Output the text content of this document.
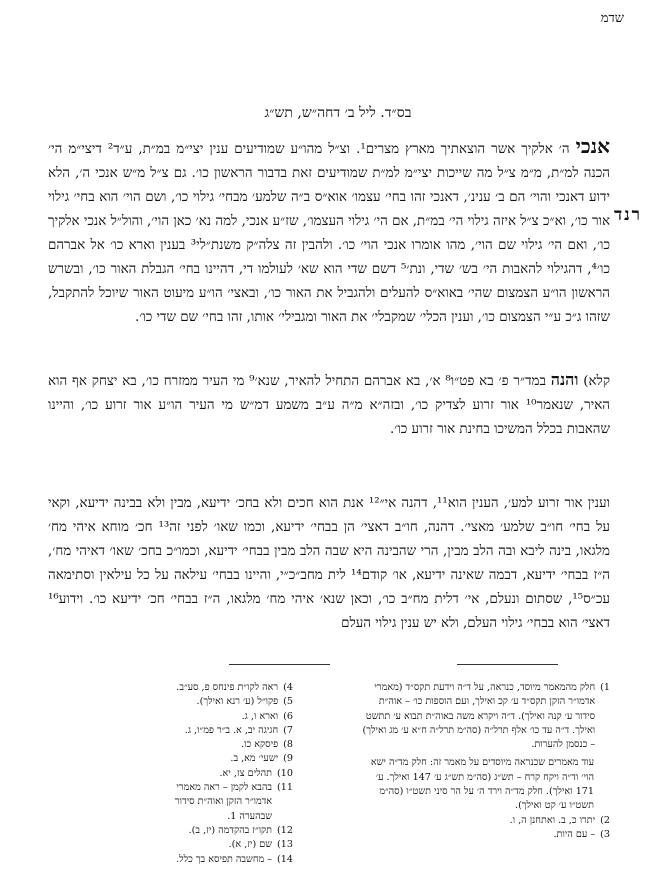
שדמ
בס״ד. ליל ב׳ דחה״ש, תש״ג
רנד

אנכי ה׳ אלקיך אשר הוצאתיך מארץ מצרים¹. וצ״ל מהו״ע שמודיעים ענין יצי״מ במ״ת, ע״ד² דיצי״מ הי׳ הכנה למ״ת, מ״מ צ״ל מה שייכות יצי״מ למ״ת שמודיעים זאת בדבור הראשון כו׳. גם צ״ל מ״ש אנכי ה׳, הלא ידוע דאנכי והוי׳ הם ב׳ ענינ׳, דאנכי זהו בחי׳ עצמו׳ אוא״ס ב״ה שלמע׳ מבחי׳ גילוי כו׳, ושם הוי׳ הוא בחי׳ גילוי אור כו׳, וא״כ צ״ל איזה גילוי הי׳ במ״ת, אם הי׳ גילוי העצמו׳, שז״ע אנכי, למה נא׳ כאן הוי׳, והול״ל אנכי אלקיך כו׳, ואם הי׳ גילוי שם הוי׳, מהו אומרו אנכי הוי׳ כו׳. ולהבין זה צלה״ק משנת״לי³ בענין וארא כו׳ אל אברהם כו׳⁴, דהגילוי להאבות הי׳ בש׳ שדי, ונת׳⁵ דשם שדי הוא שא׳ לעולמו די, דהיינו בחי׳ הגבלת האור כו׳, ובשרש הראשון הו״ע הצמצום שהי׳ באוא״ס להעלים ולהגביל את האור כו׳, ובאצי׳ הו״ע מיעוט האור שיוכל להתקבל, שזהו ג״כ ע״י הצמצום כו׳, וענין הכלי׳ שמקבלי׳ את האור ומגבילי׳ אותו, זהו בחי׳ שם שדי כו׳.

קלא) והנה במד״ר פ׳ בא פט״ו⁸ א׳, בא אברהם התחיל להאיר, שנא׳⁹ מי העיר ממזרח כו׳, בא יצחק אף הוא האיר, שנאמר¹⁰ אור זרוע לצדיק כו׳, ובזה״א מ״ה ע״ב משמע דמ״ש מי העיר הו״ע אור זרוע כו׳, והיינו שהאבות בכלל המשיכו בחינת אור זרוע כו׳.

וענין אור זרוע למע׳, הענין הוא¹¹, דהנה אי״¹² אנת הוא חכים ולא בחכ׳ ידיעא, מבין ולא בבינה ידיעא, וקאי על בחי׳ חו״ב שלמע׳ מאצי׳. דהנה, חו״ב דאצי׳ הן בבחי׳ ידיעא, וכמו שאו׳ לפני זה¹³ חכ׳ מוחא איהי מח׳ מלגאו, בינה ליבא ובה הלב מבין, הרי שהבינה היא שבה הלב מבין בבחי׳ ידיעא, וכמו״כ בחכ׳ שאו׳ דאיהי מח׳, ה״ז בבחי׳ ידיעא, דבמה שאינה ידיעא, או׳ קודם¹⁴ לית מחב״כ״י, והיינו בבחי׳ עילאה על כל עילאין וסתימאה עכ״ס¹⁵, שסתום ונעלם, אי׳ דלית מח״ב כו׳, וכאן שנא׳ איהי מח׳ מלגאו, ה״ז בבחי׳ חכ׳ ידיעא כו׳. וידוע¹⁶ דאצי׳ הוא בבחי׳ גילוי העלם, ולא יש ענין גילוי העלם

1)
חלק מהמאמר מיוסד, כנראה, על ד״ה וידעת תקס״ד (מאמרי אדמו״ר הזקן תקס״ד ע׳ קכ ואילך, ועם הוספות כו׳ – אוה״ת סידור ע׳ קנה ואילך). ד״ה ויקרא משה באוה״ת תבוא ע׳ תתשט ואילך. ד״ה עד כו׳ אלף תרל״ה (סה״מ תרל״ה ח״א ע׳ מג ואילך) – כנסמן להערות.
עוד מאמרים שכנראה מיוסדים על מאמר זה: חלק מד״ה ישא הוי׳ וד״ה ויקח קרח – תש״ג (סה״מ תש״ג ע׳ 147 ואילך. ע׳ 171 ואילך). חלק מד״ה וירד ה׳ על הר סיני תשט״ו (סה״מ תשט״ו ע׳ קט ואילך).
2)
יתרו כ, ב. ואתחנן ה, ו.
3)
– עם היות.
4)
ראה לקו״ת פינחס פ, סע״ב.
5)
פקו״ל (ע׳ רנא ואילך).
6)
וארא ו, ג.
7)
חגיגה יב, א. ב״ר פמ״ו, ג.
8)
פיסקא כו.
9)
ישעי׳ מא, ב.
10)
תהלים צז, יא.
11)
בהבא לקמן – ראה מאמרי אדמו״ר הזקן ואוה״ת סידור שבהערה 1.
12)
תקו״ז בהקדמה (יז, ב).
13)
שם (יז, א).
14)
– מחשבה תפיסא בך כלל.
